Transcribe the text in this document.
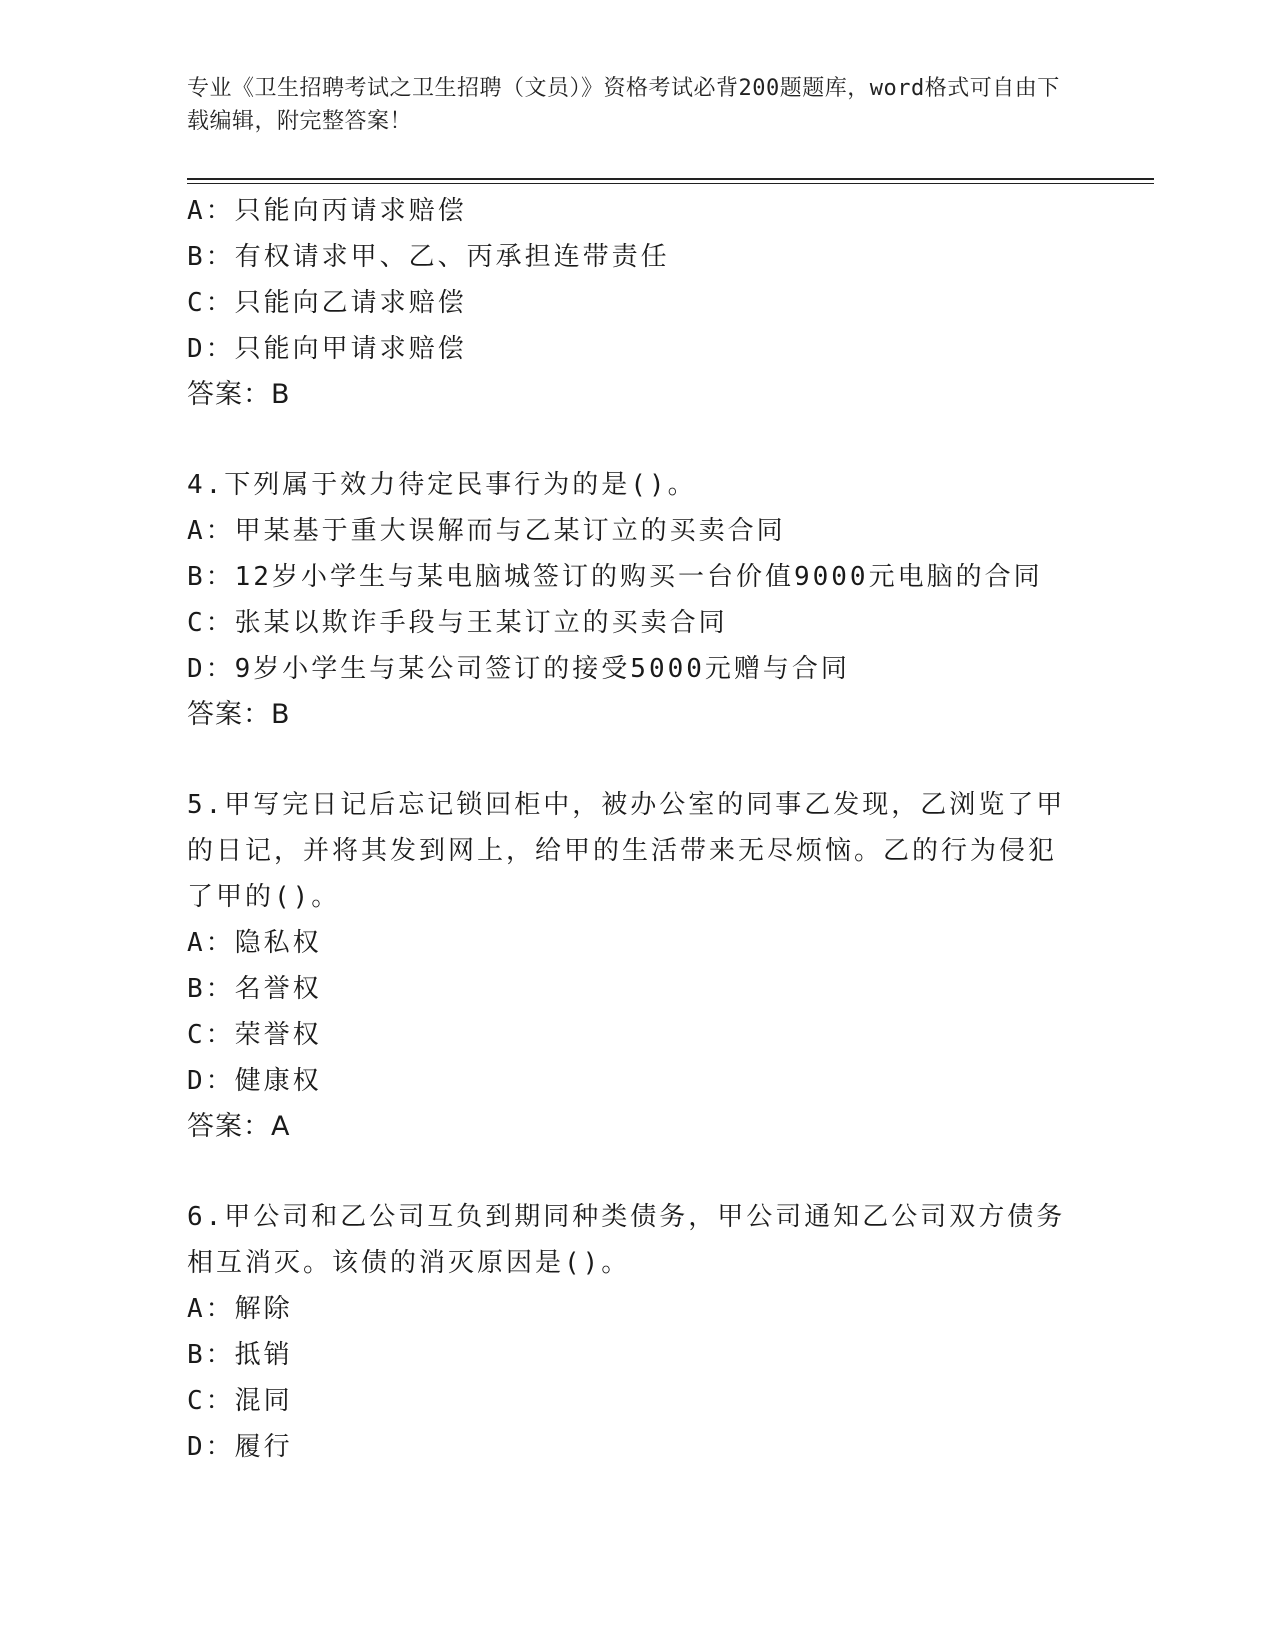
专业《卫生招聘考试之卫生招聘（文员）》资格考试必背200题题库，word格式可自由下载编辑，附完整答案！
A：只能向丙请求赔偿
B：有权请求甲、乙、丙承担连带责任
C：只能向乙请求赔偿
D：只能向甲请求赔偿
答案：B
4.下列属于效力待定民事行为的是()。
A：甲某基于重大误解而与乙某订立的买卖合同
B：12岁小学生与某电脑城签订的购买一台价值9000元电脑的合同
C：张某以欺诈手段与王某订立的买卖合同
D：9岁小学生与某公司签订的接受5000元赠与合同
答案：B
5.甲写完日记后忘记锁回柜中，被办公室的同事乙发现，乙浏览了甲的日记，并将其发到网上，给甲的生活带来无尽烦恼。乙的行为侵犯了甲的()。
A：隐私权
B：名誉权
C：荣誉权
D：健康权
答案：A
6.甲公司和乙公司互负到期同种类债务，甲公司通知乙公司双方债务相互消灭。该债的消灭原因是()。
A：解除
B：抵销
C：混同
D：履行
